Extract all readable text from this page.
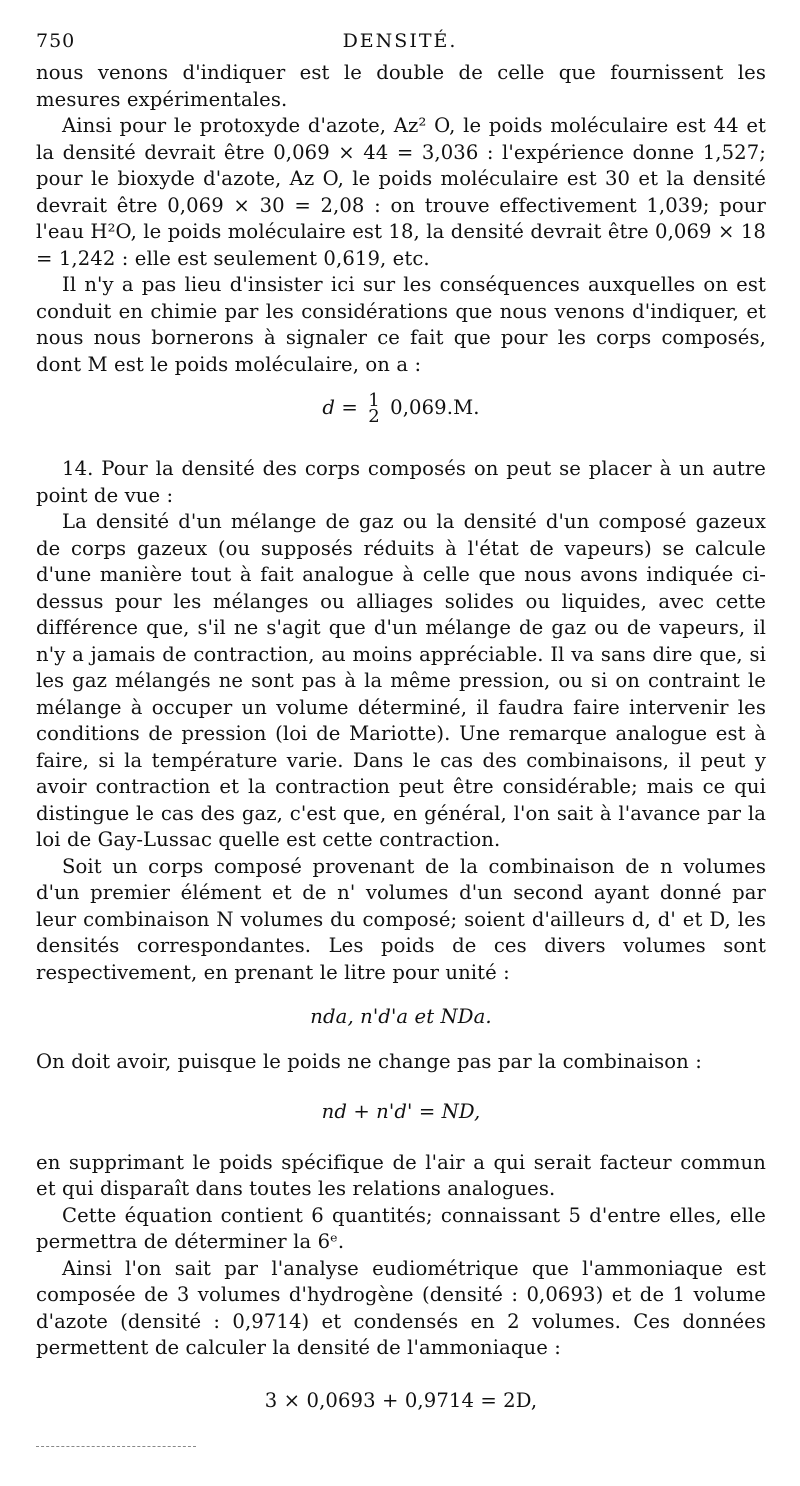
750	DENSITÉ.

nous venons d'indiquer est le double de celle que fournissent les mesures expérimentales.

Ainsi pour le protoxyde d'azote, Az² O, le poids moléculaire est 44 et la densité devrait être 0,069 × 44 = 3,036 : l'expérience donne 1,527; pour le bioxyde d'azote, Az O, le poids moléculaire est 30 et la densité devrait être 0,069 × 30 = 2,08 : on trouve effectivement 1,039; pour l'eau H²O, le poids moléculaire est 18, la densité devrait être 0,069 × 18 = 1,242 : elle est seulement 0,619, etc.

Il n'y a pas lieu d'insister ici sur les conséquences auxquelles on est conduit en chimie par les considérations que nous venons d'indiquer, et nous nous bornerons à signaler ce fait que pour les corps composés, dont M est le poids moléculaire, on a :

d = 1
2 0,069.M.

14. Pour la densité des corps composés on peut se placer à un autre point de vue :

La densité d'un mélange de gaz ou la densité d'un composé gazeux de corps gazeux (ou supposés réduits à l'état de vapeurs) se calcule d'une manière tout à fait analogue à celle que nous avons indiquée ci-dessus pour les mélanges ou alliages solides ou liquides, avec cette différence que, s'il ne s'agit que d'un mélange de gaz ou de vapeurs, il n'y a jamais de contraction, au moins appréciable. Il va sans dire que, si les gaz mélangés ne sont pas à la même pression, ou si on contraint le mélange à occuper un volume déterminé, il faudra faire intervenir les conditions de pression (loi de Mariotte). Une remarque analogue est à faire, si la température varie. Dans le cas des combinaisons, il peut y avoir contraction et la contraction peut être considérable; mais ce qui distingue le cas des gaz, c'est que, en général, l'on sait à l'avance par la loi de Gay-Lussac quelle est cette contraction.

Soit un corps composé provenant de la combinaison de n volumes d'un premier élément et de n' volumes d'un second ayant donné par leur combinaison N volumes du composé; soient d'ailleurs d, d' et D, les densités correspondantes. Les poids de ces divers volumes sont respectivement, en prenant le litre pour unité :

nda, n'd'a et NDa.

On doit avoir, puisque le poids ne change pas par la combinaison :

nd + n'd' = ND,

en supprimant le poids spécifique de l'air a qui serait facteur commun et qui disparaît dans toutes les relations analogues.

Cette équation contient 6 quantités; connaissant 5 d'entre elles, elle permettra de déterminer la 6ᵉ.

Ainsi l'on sait par l'analyse eudiométrique que l'ammoniaque est composée de 3 volumes d'hydrogène (densité : 0,0693) et de 1 volume d'azote (densité : 0,9714) et condensés en 2 volumes. Ces données permettent de calculer la densité de l'ammoniaque :

3 × 0,0693 + 0,9714 = 2D,
